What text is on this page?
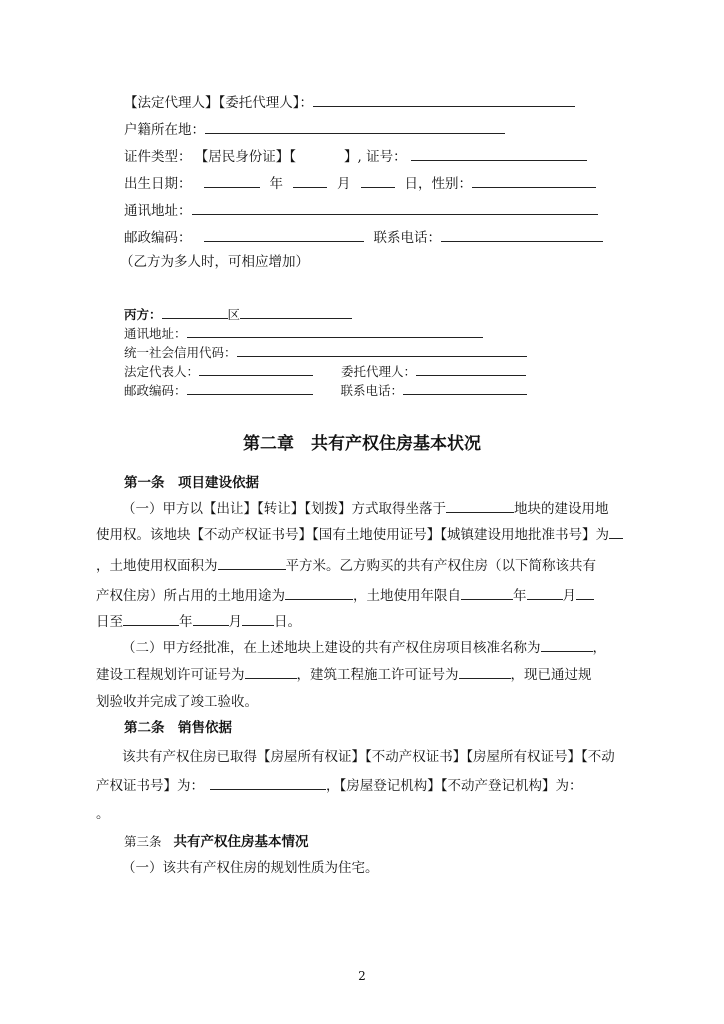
【法定代理人】【委托代理人】：
户籍所在地：
证件类型： 【居民身份证】【	】, 证号：
出生日期：	年	月	日，性别：
通讯地址：
邮政编码：	联系电话：
（乙方为多人时，可相应增加）
丙方：	区
通讯地址：
统一社会信用代码：
法定代表人：	委托代理人：
邮政编码：	联系电话：
第二章　共有产权住房基本状况
第一条　项目建设依据
（一）甲方以【出让】【转让】【划拨】方式取得坐落于	地块的建设用地
使用权。该地块【不动产权证书号】【国有土地使用证号】【城镇建设用地批准书号】为
，土地使用权面积为	平方米。乙方购买的共有产权住房（以下简称该共有
产权住房）所占用的土地用途为	，土地使用年限自	年	月
日至	年	月 日。
（二）甲方经批准，在上述地块上建设的共有产权住房项目核准名称为	，
建设工程规划许可证号为	，建筑工程施工许可证号为	，现已通过规
划验收并完成了竣工验收。
第二条　销售依据
该共有产权住房已取得【房屋所有权证】【不动产权证书】【房屋所有权证号】【不动
产权证书号】为：	，【房屋登记机构】【不动产登记机构】为：
。
第三条 共有产权住房基本情况
（一）该共有产权住房的规划性质为住宅。
2
